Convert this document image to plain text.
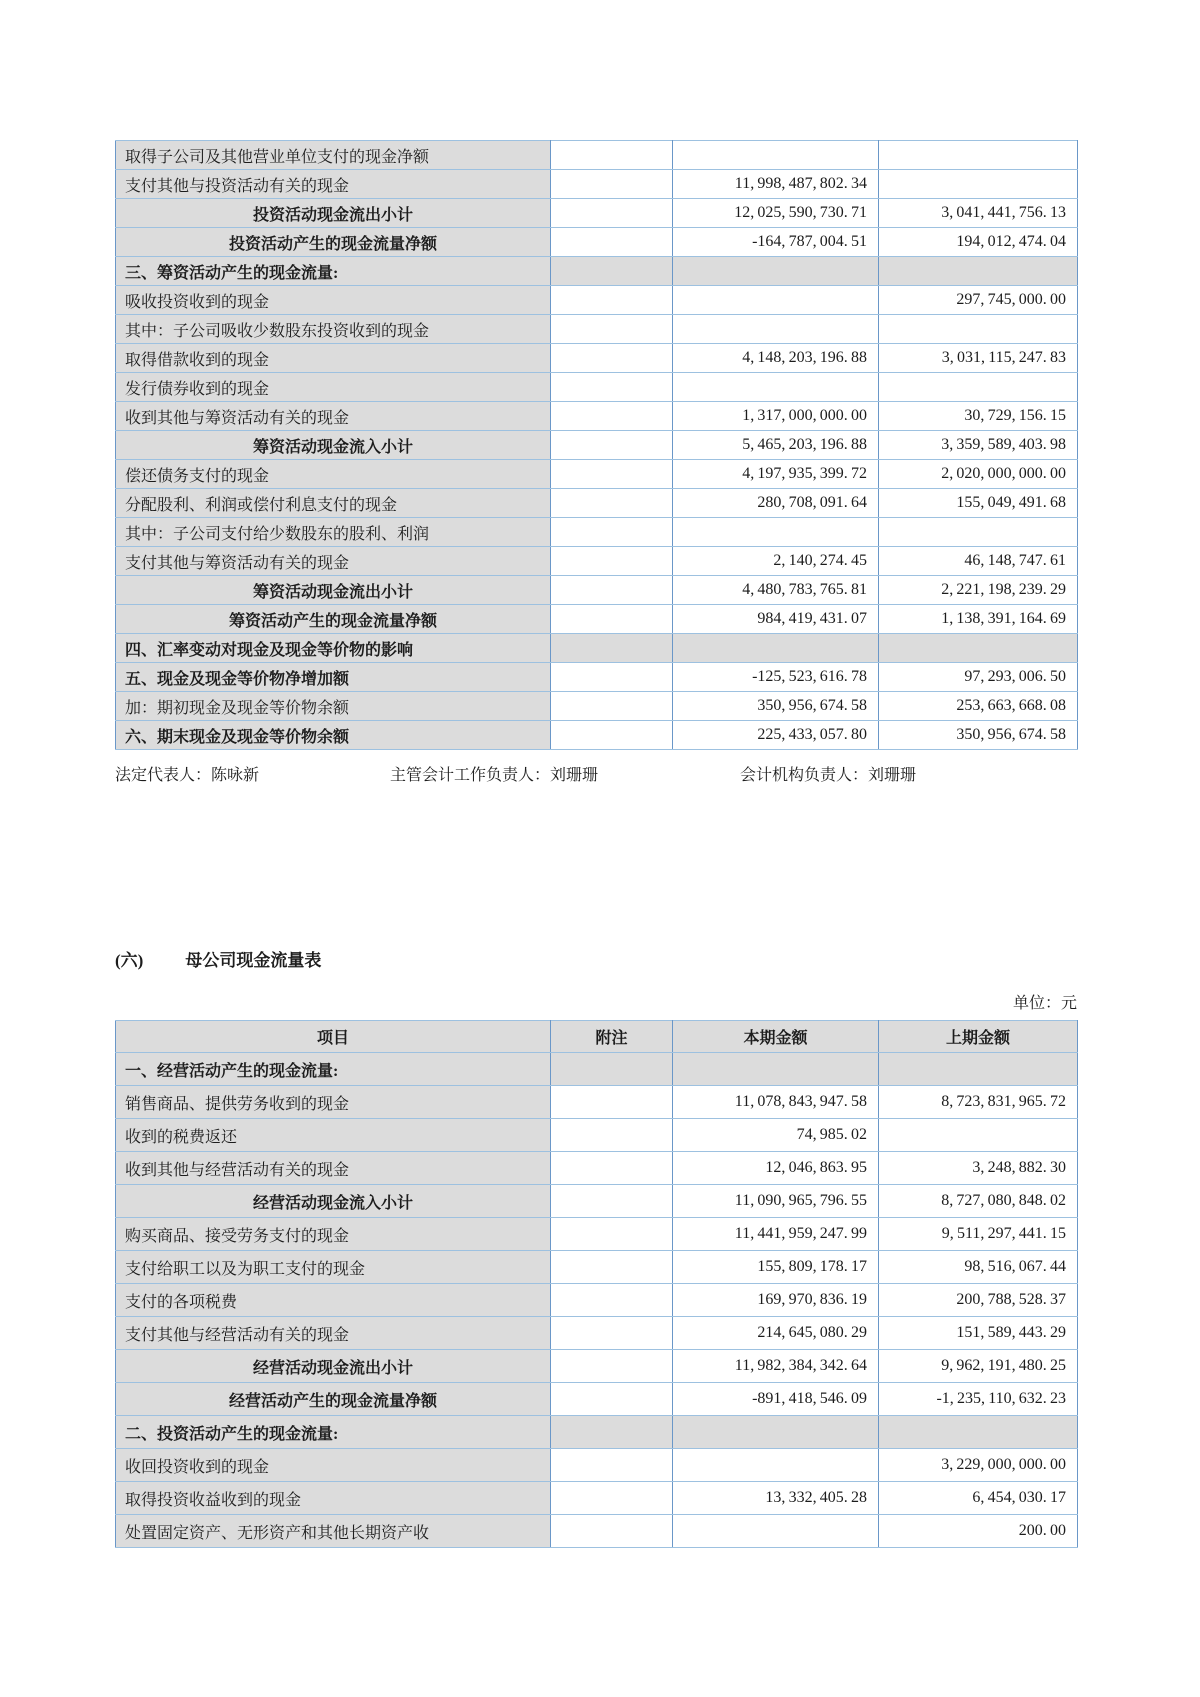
取得子公司及其他营业单位支付的现金净额			
支付其他与投资活动有关的现金		11, 998, 487, 802. 34	
投资活动现金流出小计		12, 025, 590, 730. 71	3, 041, 441, 756. 13
投资活动产生的现金流量净额		-164, 787, 004. 51	194, 012, 474. 04
三、筹资活动产生的现金流量:			
吸收投资收到的现金			297, 745, 000. 00
其中：子公司吸收少数股东投资收到的现金			
取得借款收到的现金		4, 148, 203, 196. 88	3, 031, 115, 247. 83
发行债券收到的现金			
收到其他与筹资活动有关的现金		1, 317, 000, 000. 00	30, 729, 156. 15
筹资活动现金流入小计		5, 465, 203, 196. 88	3, 359, 589, 403. 98
偿还债务支付的现金		4, 197, 935, 399. 72	2, 020, 000, 000. 00
分配股利、利润或偿付利息支付的现金		280, 708, 091. 64	155, 049, 491. 68
其中：子公司支付给少数股东的股利、利润			
支付其他与筹资活动有关的现金		2, 140, 274. 45	46, 148, 747. 61
筹资活动现金流出小计		4, 480, 783, 765. 81	2, 221, 198, 239. 29
筹资活动产生的现金流量净额		984, 419, 431. 07	1, 138, 391, 164. 69
四、汇率变动对现金及现金等价物的影响			
五、现金及现金等价物净增加额		-125, 523, 616. 78	97, 293, 006. 50
加：期初现金及现金等价物余额		350, 956, 674. 58	253, 663, 668. 08
六、期末现金及现金等价物余额		225, 433, 057. 80	350, 956, 674. 58
法定代表人：陈咏新	主管会计工作负责人：刘珊珊	会计机构负责人：刘珊珊
(六) 母公司现金流量表
单位：元
项目	附注	本期金额	上期金额
一、经营活动产生的现金流量:			
销售商品、提供劳务收到的现金		11, 078, 843, 947. 58	8, 723, 831, 965. 72
收到的税费返还		74, 985. 02	
收到其他与经营活动有关的现金		12, 046, 863. 95	3, 248, 882. 30
经营活动现金流入小计		11, 090, 965, 796. 55	8, 727, 080, 848. 02
购买商品、接受劳务支付的现金		11, 441, 959, 247. 99	9, 511, 297, 441. 15
支付给职工以及为职工支付的现金		155, 809, 178. 17	98, 516, 067. 44
支付的各项税费		169, 970, 836. 19	200, 788, 528. 37
支付其他与经营活动有关的现金		214, 645, 080. 29	151, 589, 443. 29
经营活动现金流出小计		11, 982, 384, 342. 64	9, 962, 191, 480. 25
经营活动产生的现金流量净额		-891, 418, 546. 09	-1, 235, 110, 632. 23
二、投资活动产生的现金流量:			
收回投资收到的现金			3, 229, 000, 000. 00
取得投资收益收到的现金		13, 332, 405. 28	6, 454, 030. 17
处置固定资产、无形资产和其他长期资产收			200. 00
